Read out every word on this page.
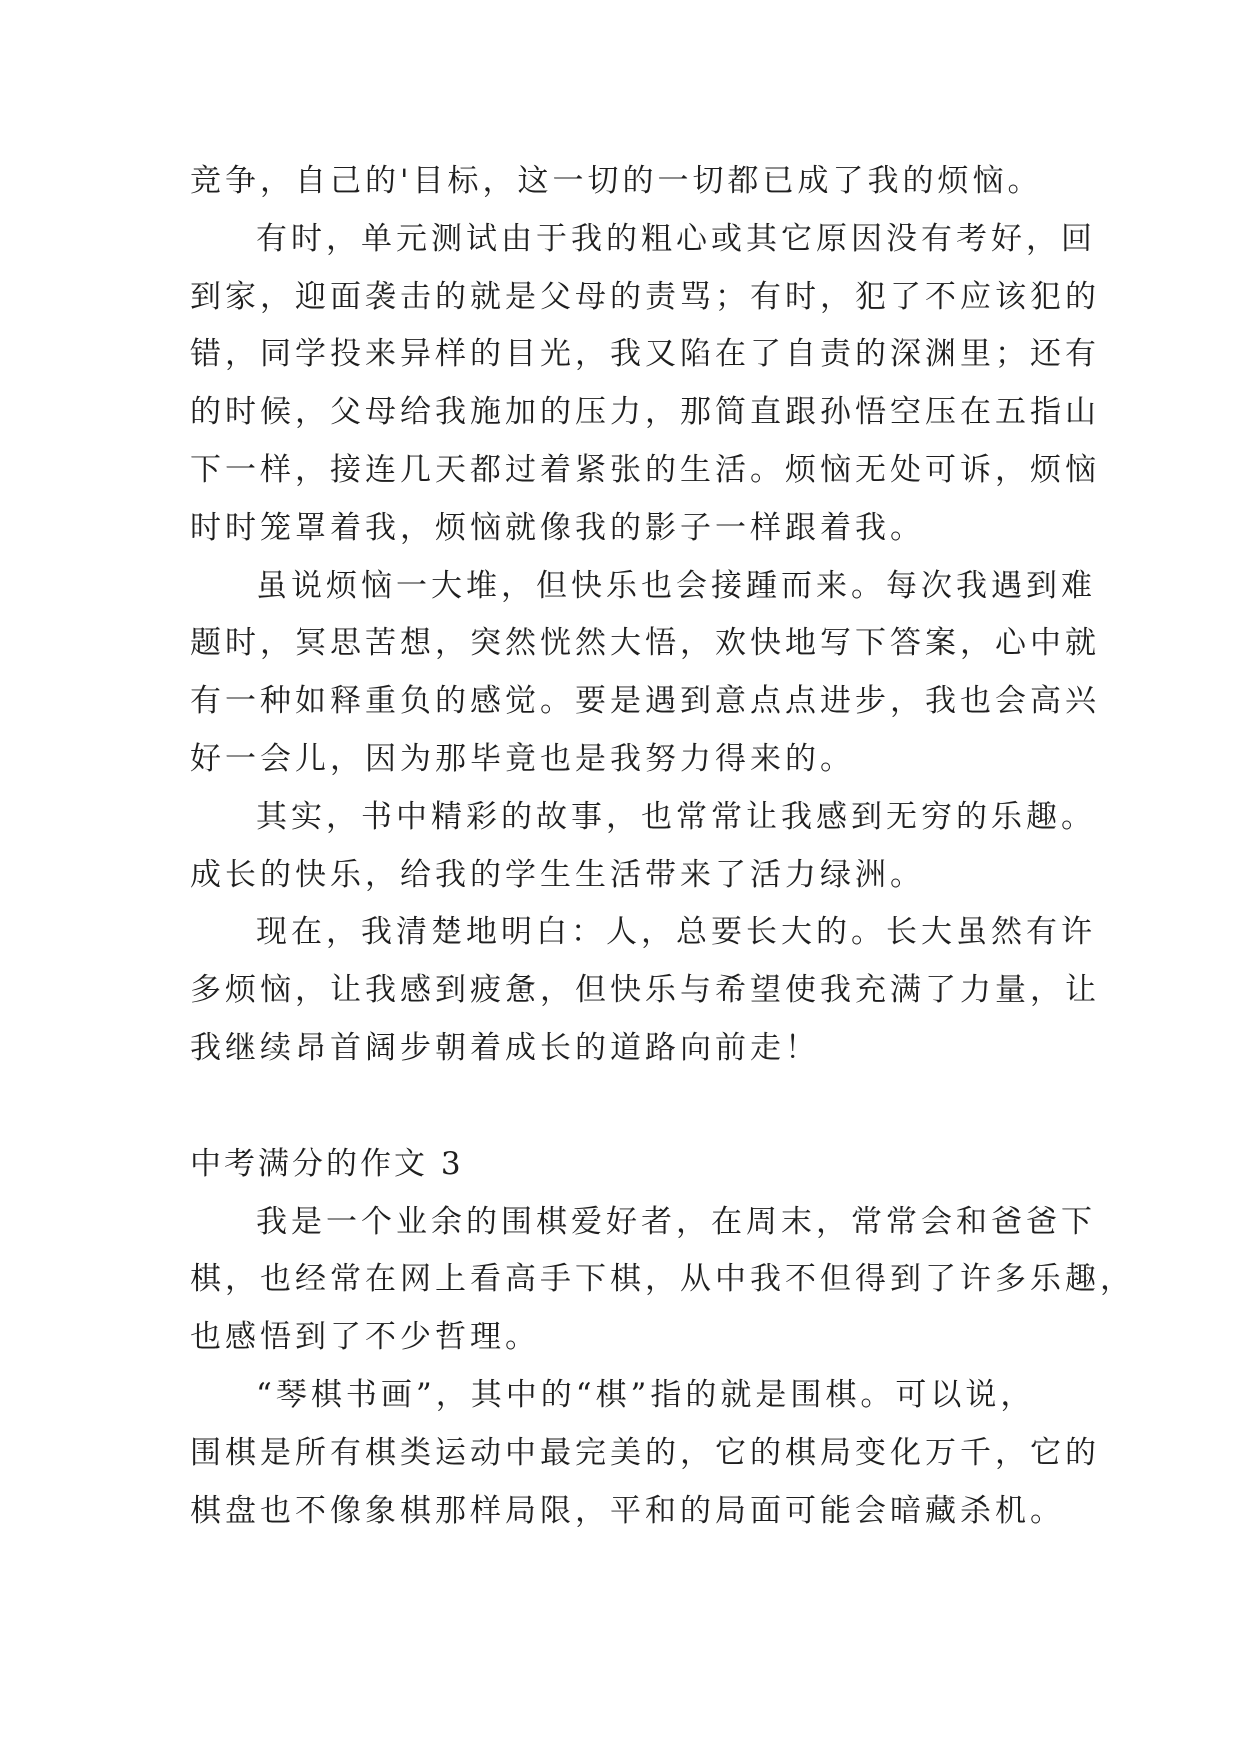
竞争，自己的'目标，这一切的一切都已成了我的烦恼。
有时，单元测试由于我的粗心或其它原因没有考好，回
到家，迎面袭击的就是父母的责骂；有时，犯了不应该犯的
错，同学投来异样的目光，我又陷在了自责的深渊里；还有
的时候，父母给我施加的压力，那简直跟孙悟空压在五指山
下一样，接连几天都过着紧张的生活。烦恼无处可诉，烦恼
时时笼罩着我，烦恼就像我的影子一样跟着我。
虽说烦恼一大堆，但快乐也会接踵而来。每次我遇到难
题时，冥思苦想，突然恍然大悟，欢快地写下答案，心中就
有一种如释重负的感觉。要是遇到意点点进步，我也会高兴
好一会儿，因为那毕竟也是我努力得来的。
其实，书中精彩的故事，也常常让我感到无穷的乐趣。
成长的快乐，给我的学生生活带来了活力绿洲。
现在，我清楚地明白：人，总要长大的。长大虽然有许
多烦恼，让我感到疲惫，但快乐与希望使我充满了力量，让
我继续昂首阔步朝着成长的道路向前走！
中考满分的作文 3
我是一个业余的围棋爱好者，在周末，常常会和爸爸下
棋，也经常在网上看高手下棋，从中我不但得到了许多乐趣，
也感悟到了不少哲理。
“琴棋书画”，其中的“棋”指的就是围棋。可以说，
围棋是所有棋类运动中最完美的，它的棋局变化万千，它的
棋盘也不像象棋那样局限，平和的局面可能会暗藏杀机。
